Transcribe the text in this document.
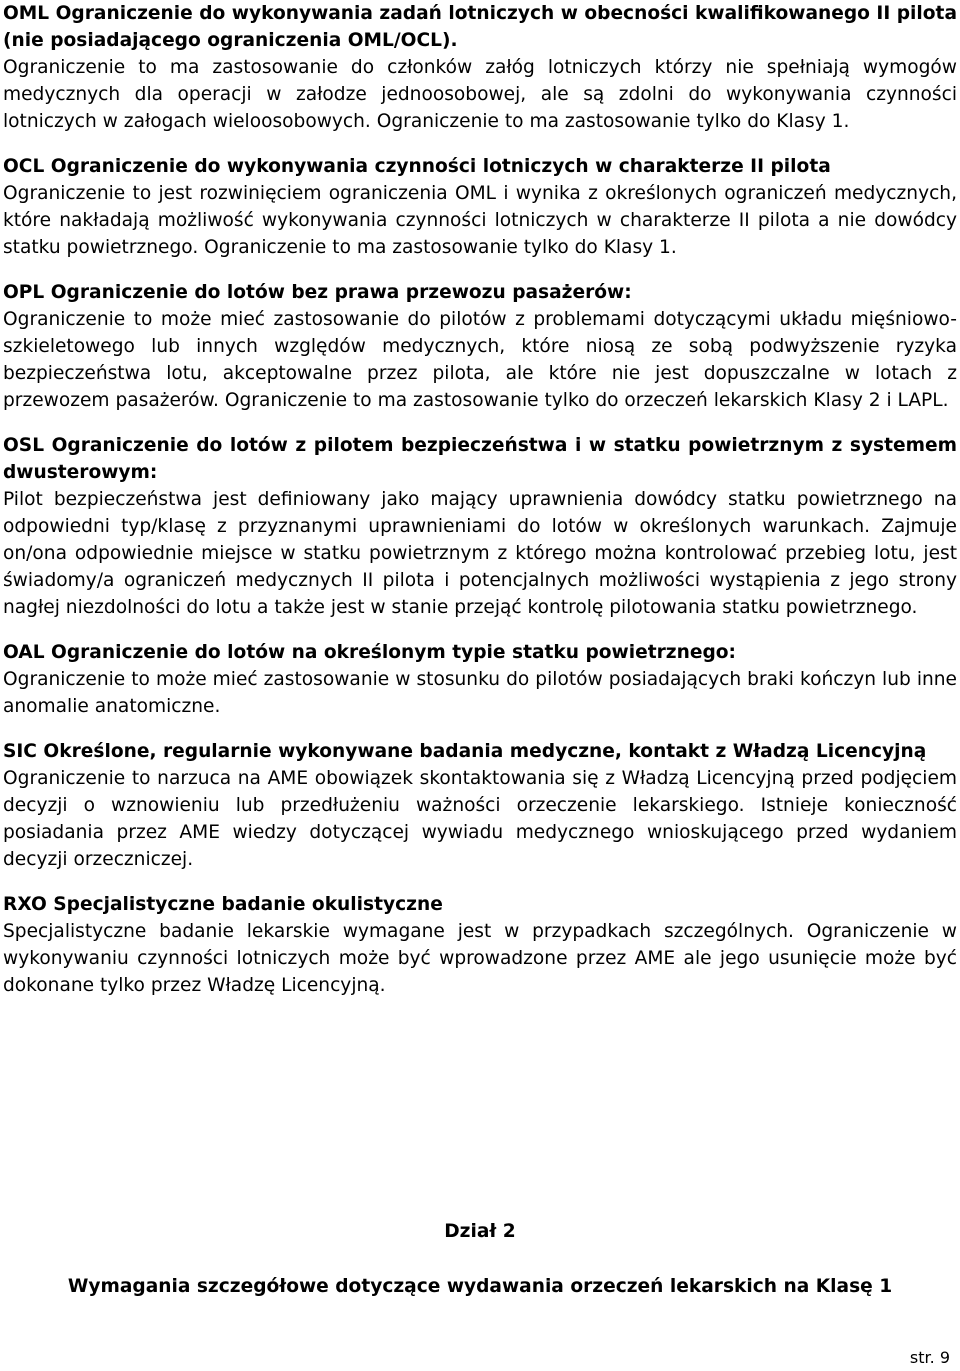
OML Ograniczenie do wykonywania zadań lotniczych w obecności kwalifikowanego II pilota (nie posiadającego ograniczenia OML/OCL).
Ograniczenie to ma zastosowanie do członków załóg lotniczych którzy nie spełniają wymogów medycznych dla operacji w załodze jednoosobowej, ale są zdolni do wykonywania czynności lotniczych w załogach wieloosobowych. Ograniczenie to ma zastosowanie tylko do Klasy 1.

OCL Ograniczenie do wykonywania czynności lotniczych w charakterze II pilota
Ograniczenie to jest rozwinięciem ograniczenia OML i wynika z określonych ograniczeń medycznych, które nakładają możliwość wykonywania czynności lotniczych w charakterze II pilota a nie dowódcy statku powietrznego. Ograniczenie to ma zastosowanie tylko do Klasy 1.

OPL Ograniczenie do lotów bez prawa przewozu pasażerów:
Ograniczenie to może mieć zastosowanie do pilotów z problemami dotyczącymi układu mięśniowo-szkieletowego lub innych względów medycznych, które niosą ze sobą podwyższenie ryzyka bezpieczeństwa lotu, akceptowalne przez pilota, ale które nie jest dopuszczalne w lotach z przewozem pasażerów. Ograniczenie to ma zastosowanie tylko do orzeczeń lekarskich Klasy 2 i LAPL.

OSL Ograniczenie do lotów z pilotem bezpieczeństwa i w statku powietrznym z systemem dwusterowym:
Pilot bezpieczeństwa jest definiowany jako mający uprawnienia dowódcy statku powietrznego na odpowiedni typ/klasę z przyznanymi uprawnieniami do lotów w określonych warunkach. Zajmuje on/ona odpowiednie miejsce w statku powietrznym z którego można kontrolować przebieg lotu, jest świadomy/a ograniczeń medycznych II pilota i potencjalnych możliwości wystąpienia z jego strony nagłej niezdolności do lotu a także jest w stanie przejąć kontrolę pilotowania statku powietrznego.

OAL Ograniczenie do lotów na określonym typie statku powietrznego:
Ograniczenie to może mieć zastosowanie w stosunku do pilotów posiadających braki kończyn lub inne anomalie anatomiczne.

SIC Określone, regularnie wykonywane badania medyczne, kontakt z Władzą Licencyjną
Ograniczenie to narzuca na AME obowiązek skontaktowania się z Władzą Licencyjną przed podjęciem decyzji o wznowieniu lub przedłużeniu ważności orzeczenie lekarskiego. Istnieje konieczność posiadania przez AME wiedzy dotyczącej wywiadu medycznego wnioskującego przed wydaniem decyzji orzeczniczej.

RXO Specjalistyczne badanie okulistyczne
Specjalistyczne badanie lekarskie wymagane jest w przypadkach szczególnych. Ograniczenie w wykonywaniu czynności lotniczych może być wprowadzone przez AME ale jego usunięcie może być dokonane tylko przez Władzę Licencyjną.

Dział 2
Wymagania szczegółowe dotyczące wydawania orzeczeń lekarskich na Klasę 1
str. 9
